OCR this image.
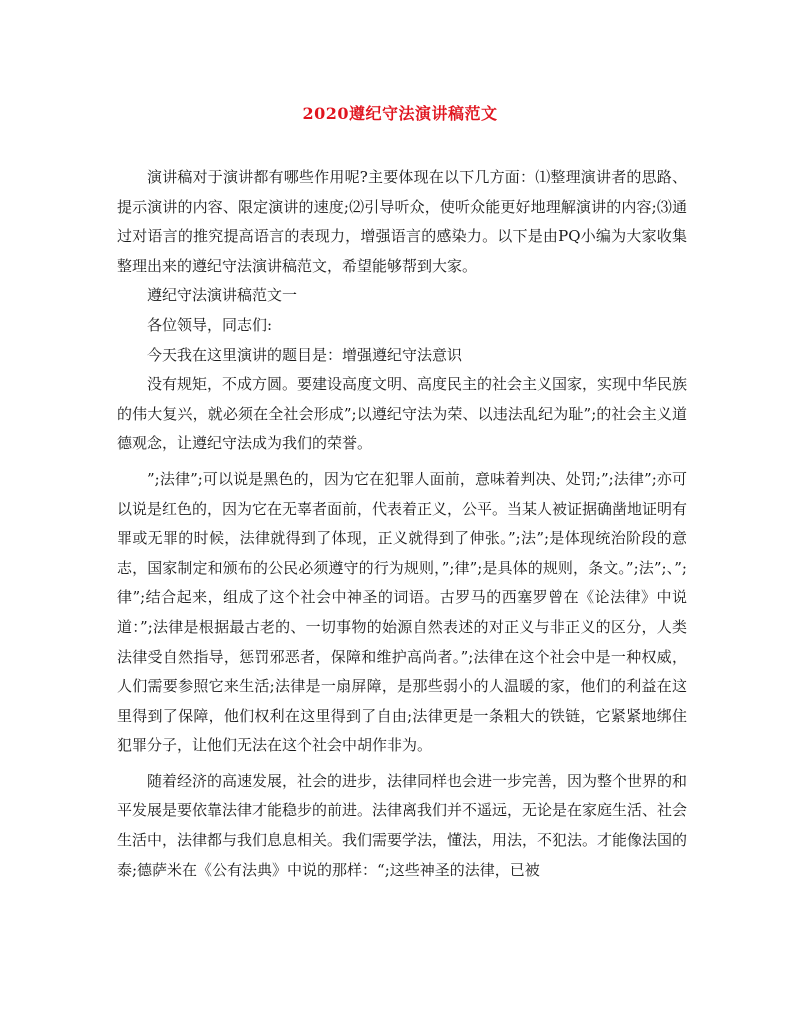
2020遵纪守法演讲稿范文

演讲稿对于演讲都有哪些作用呢?主要体现在以下几方面：⑴整理演讲者的思路、提示演讲的内容、限定演讲的速度;⑵引导听众，使听众能更好地理解演讲的内容;⑶通过对语言的推究提高语言的表现力，增强语言的感染力。以下是由PQ小编为大家收集整理出来的遵纪守法演讲稿范文，希望能够帮到大家。

遵纪守法演讲稿范文一

各位领导，同志们:

今天我在这里演讲的题目是：增强遵纪守法意识

没有规矩，不成方圆。要建设高度文明、高度民主的社会主义国家，实现中华民族的伟大复兴，就必须在全社会形成”;以遵纪守法为荣、以违法乱纪为耻”;的社会主义道德观念，让遵纪守法成为我们的荣誉。

”;法律”;可以说是黑色的，因为它在犯罪人面前，意味着判决、处罚;”;法律”;亦可以说是红色的，因为它在无辜者面前，代表着正义，公平。当某人被证据确凿地证明有罪或无罪的时候，法律就得到了体现，正义就得到了伸张。”;法”;是体现统治阶段的意志，国家制定和颁布的公民必须遵守的行为规则，”;律”;是具体的规则，条文。”;法”;、”;律”;结合起来，组成了这个社会中神圣的词语。古罗马的西塞罗曾在《论法律》中说道：”;法律是根据最古老的、一切事物的始源自然表述的对正义与非正义的区分，人类法律受自然指导，惩罚邪恶者，保障和维护高尚者。”;法律在这个社会中是一种权威，人们需要参照它来生活;法律是一扇屏障，是那些弱小的人温暖的家，他们的利益在这里得到了保障，他们权利在这里得到了自由;法律更是一条粗大的铁链，它紧紧地绑住犯罪分子，让他们无法在这个社会中胡作非为。

随着经济的高速发展，社会的进步，法律同样也会进一步完善，因为整个世界的和平发展是要依靠法律才能稳步的前进。法律离我们并不遥远，无论是在家庭生活、社会生活中，法律都与我们息息相关。我们需要学法，懂法，用法，不犯法。才能像法国的泰;德萨米在《公有法典》中说的那样：“;这些神圣的法律，已被
